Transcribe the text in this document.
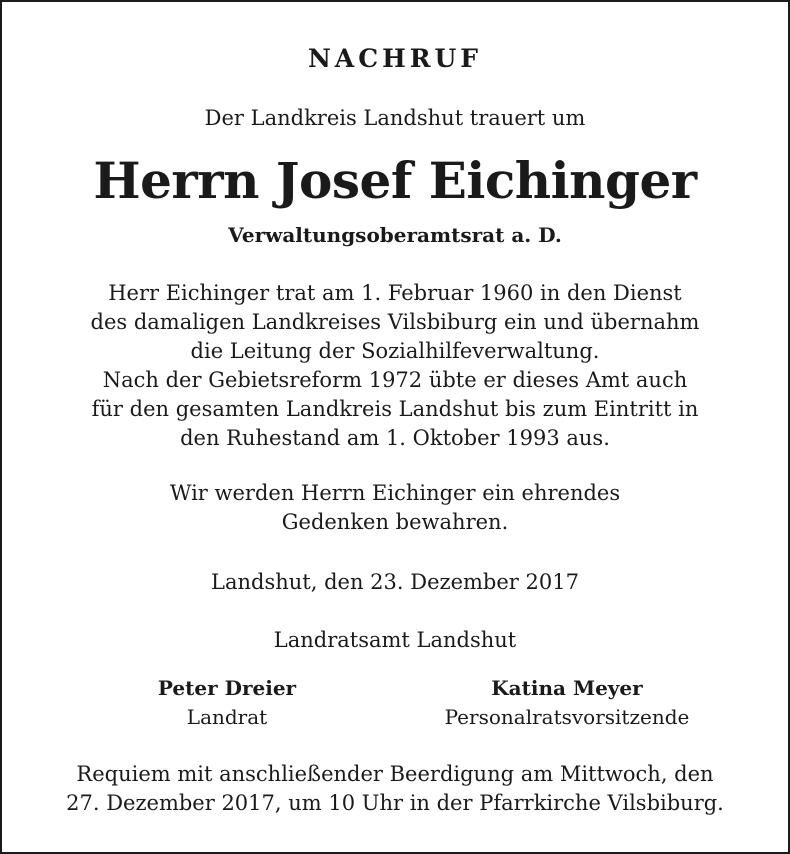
NACHRUF
Der Landkreis Landshut trauert um
Herrn Josef Eichinger
Verwaltungsoberamtsrat a. D.
Herr Eichinger trat am 1. Februar 1960 in den Dienst
des damaligen Landkreises Vilsbiburg ein und übernahm
die Leitung der Sozialhilfeverwaltung.
Nach der Gebietsreform 1972 übte er dieses Amt auch
für den gesamten Landkreis Landshut bis zum Eintritt in
den Ruhestand am 1. Oktober 1993 aus.
Wir werden Herrn Eichinger ein ehrendes
Gedenken bewahren.
Landshut, den 23. Dezember 2017
Landratsamt Landshut
Peter Dreier
Landrat
Katina Meyer
Personalratsvorsitzende
Requiem mit anschließender Beerdigung am Mittwoch, den
27. Dezember 2017, um 10 Uhr in der Pfarrkirche Vilsbiburg.
